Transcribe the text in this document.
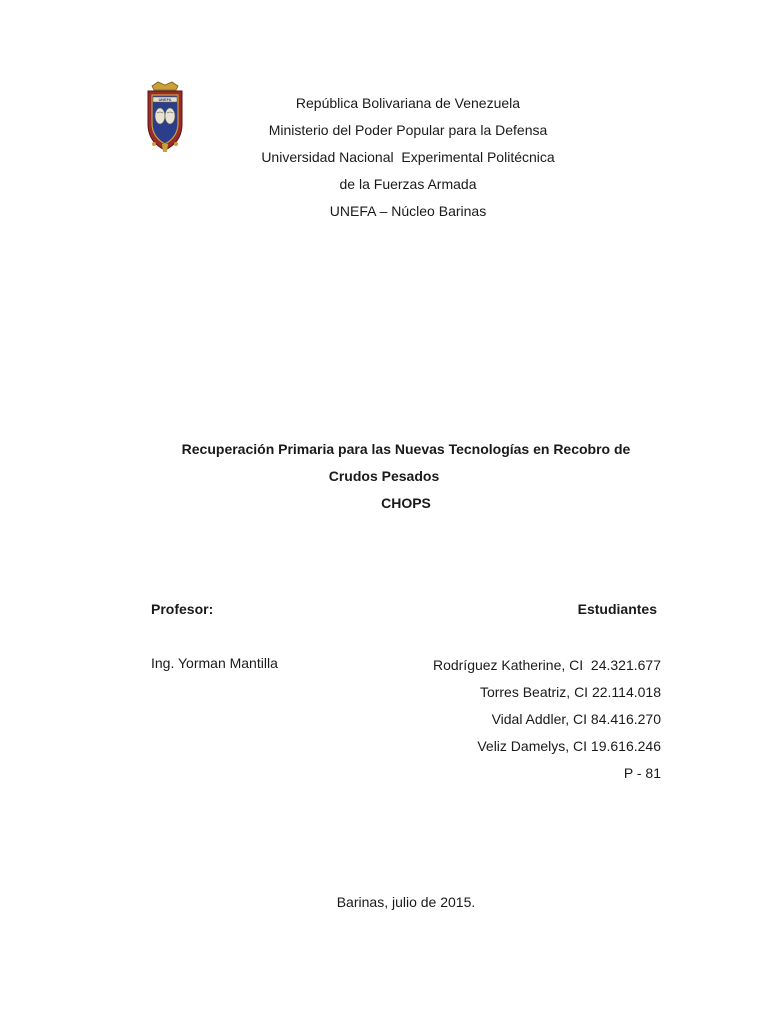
UNEFA	República Bolivariana de Venezuela
Ministerio del Poder Popular para la Defensa
Universidad Nacional  Experimental Politécnica
de la Fuerzas Armada
UNEFA – Núcleo Barinas
Recuperación Primaria para las Nuevas Tecnologías en Recobro de
Crudos Pesados
CHOPS
Profesor:	Estudiantes
Ing. Yorman Mantilla	Rodríguez Katherine, CI  24.321.677
Torres Beatriz, CI 22.114.018
Vidal Addler, CI 84.416.270
Veliz Damelys, CI 19.616.246
P - 81
Barinas, julio de 2015.
